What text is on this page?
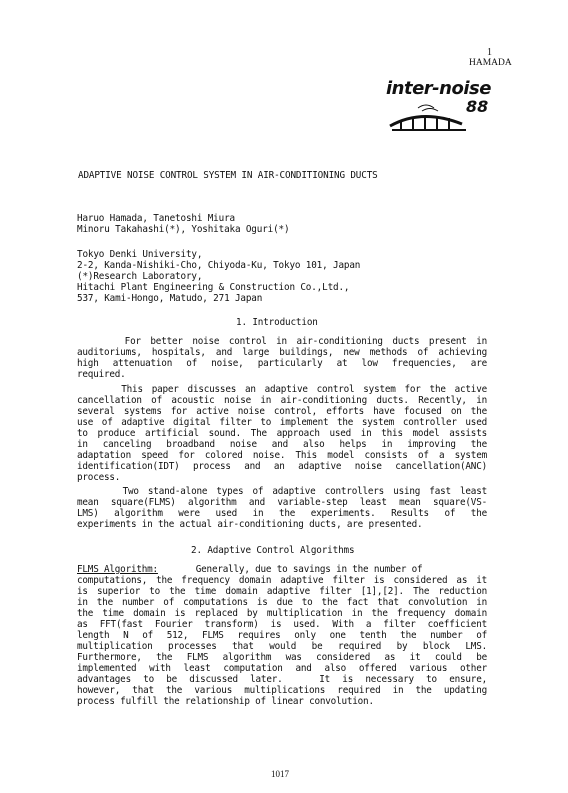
1
HAMADA
inter-noise
88
ADAPTIVE NOISE CONTROL SYSTEM IN AIR-CONDITIONING DUCTS
Haruo Hamada, Tanetoshi Miura
Minoru Takahashi(*), Yoshitaka Oguri(*)
Tokyo Denki University,
2-2, Kanda-Nishiki-Cho, Chiyoda-Ku, Tokyo 101, Japan
(*)Research Laboratory,
Hitachi Plant Engineering & Construction Co.,Ltd.,
537, Kami-Hongo, Matudo, 271 Japan
1. Introduction
For better noise control in air-conditioning ducts present in
auditoriums, hospitals, and large buildings, new methods of achieving
high attenuation of noise, particularly at low frequencies, are
required.
This paper discusses an adaptive control system for the active
cancellation of acoustic noise in air-conditioning ducts. Recently, in
several systems for active noise control, efforts have focused on the
use of adaptive digital filter to implement the system controller used
to produce artificial sound. The approach used in this model assists
in canceling broadband noise and also helps in improving the
adaptation speed for colored noise. This model consists of a system
identification(IDT) process and an adaptive noise cancellation(ANC)
process.
Two stand-alone types of adaptive controllers using fast least
mean square(FLMS) algorithm and variable-step least mean square(VS-
LMS) algorithm were used in the experiments. Results of the
experiments in the actual air-conditioning ducts, are presented.
2. Adaptive Control Algorithms
FLMS Algorithm:       Generally, due to savings in the number of
computations, the frequency domain adaptive filter is considered as it
is superior to the time domain adaptive filter [1],[2]. The reduction
in the number of computations is due to the fact that convolution in
the time domain is replaced by multiplication in the frequency domain
as FFT(fast Fourier transform) is used. With a filter coefficient
length N of 512, FLMS requires only one tenth the number of
multiplication processes that would be required by block LMS.
Furthermore, the FLMS algorithm was considered as it could be
implemented with least computation and also offered various other
advantages to be discussed later.   It is necessary to ensure,
however, that the various multiplications required in the updating
process fulfill the relationship of linear convolution.
1017
